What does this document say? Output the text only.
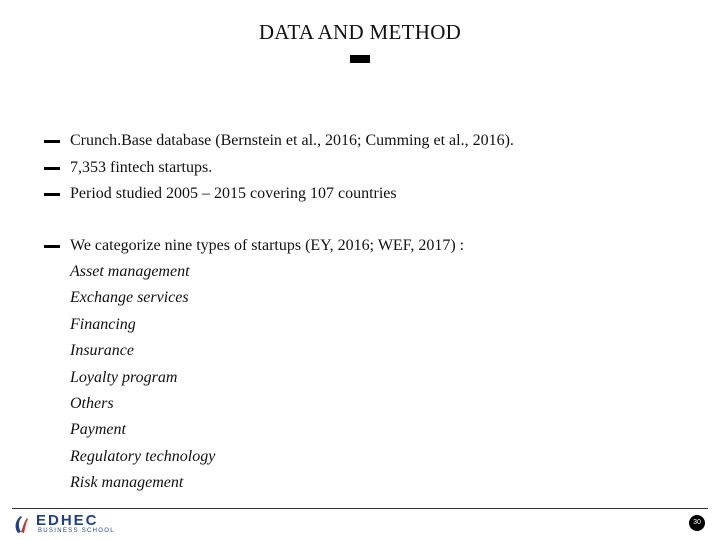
DATA AND METHOD
Crunch.Base database (Bernstein et al., 2016; Cumming et al., 2016).
7,353 fintech startups.
Period studied 2005 – 2015 covering 107 countries
We categorize nine types of startups (EY, 2016; WEF, 2017) :
Asset management
Exchange services
Financing
Insurance
Loyalty program
Others
Payment
Regulatory technology
Risk management
EDHEC
BUSINESS SCHOOL
30
